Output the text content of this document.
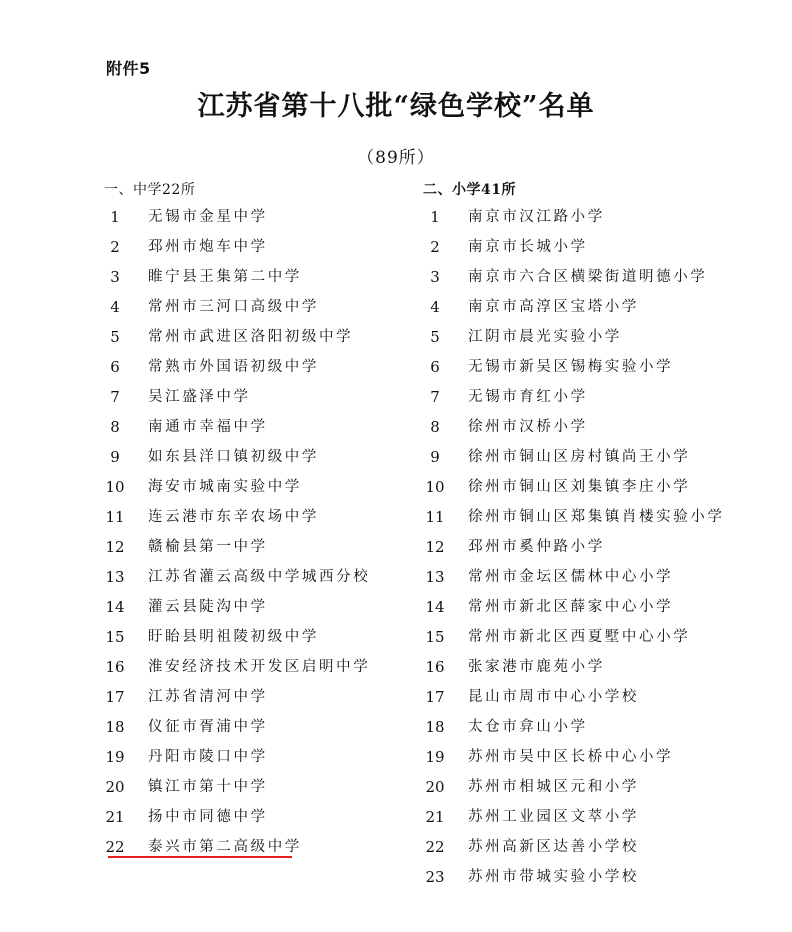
附件5
江苏省第十八批“绿色学校”名单
（89所）
一、中学22所	二、小学41所
1	无锡市金星中学
2	邳州市炮车中学
3	睢宁县王集第二中学
4	常州市三河口高级中学
5	常州市武进区洛阳初级中学
6	常熟市外国语初级中学
7	吴江盛泽中学
8	南通市幸福中学
9	如东县洋口镇初级中学
10 海安市城南实验中学
11 连云港市东辛农场中学
12 赣榆县第一中学
13 江苏省灌云高级中学城西分校
14 灌云县陡沟中学
15 盱眙县明祖陵初级中学
16 淮安经济技术开发区启明中学
17 江苏省清河中学
18 仪征市胥浦中学
19 丹阳市陵口中学
20 镇江市第十中学
21 扬中市同德中学
22 泰兴市第二高级中学
1	南京市汉江路小学
2	南京市长城小学
3	南京市六合区横梁街道明德小学
4	南京市高淳区宝塔小学
5	江阴市晨光实验小学
6	无锡市新吴区锡梅实验小学
7	无锡市育红小学
8	徐州市汉桥小学
9	徐州市铜山区房村镇尚王小学
10 徐州市铜山区刘集镇李庄小学
11 徐州市铜山区郑集镇肖楼实验小学
12 邳州市奚仲路小学
13 常州市金坛区儒林中心小学
14 常州市新北区薛家中心小学
15 常州市新北区西夏墅中心小学
16 张家港市鹿苑小学
17 昆山市周市中心小学校
18 太仓市弇山小学
19 苏州市吴中区长桥中心小学
20 苏州市相城区元和小学
21 苏州工业园区文萃小学
22 苏州高新区达善小学校
23 苏州市带城实验小学校
